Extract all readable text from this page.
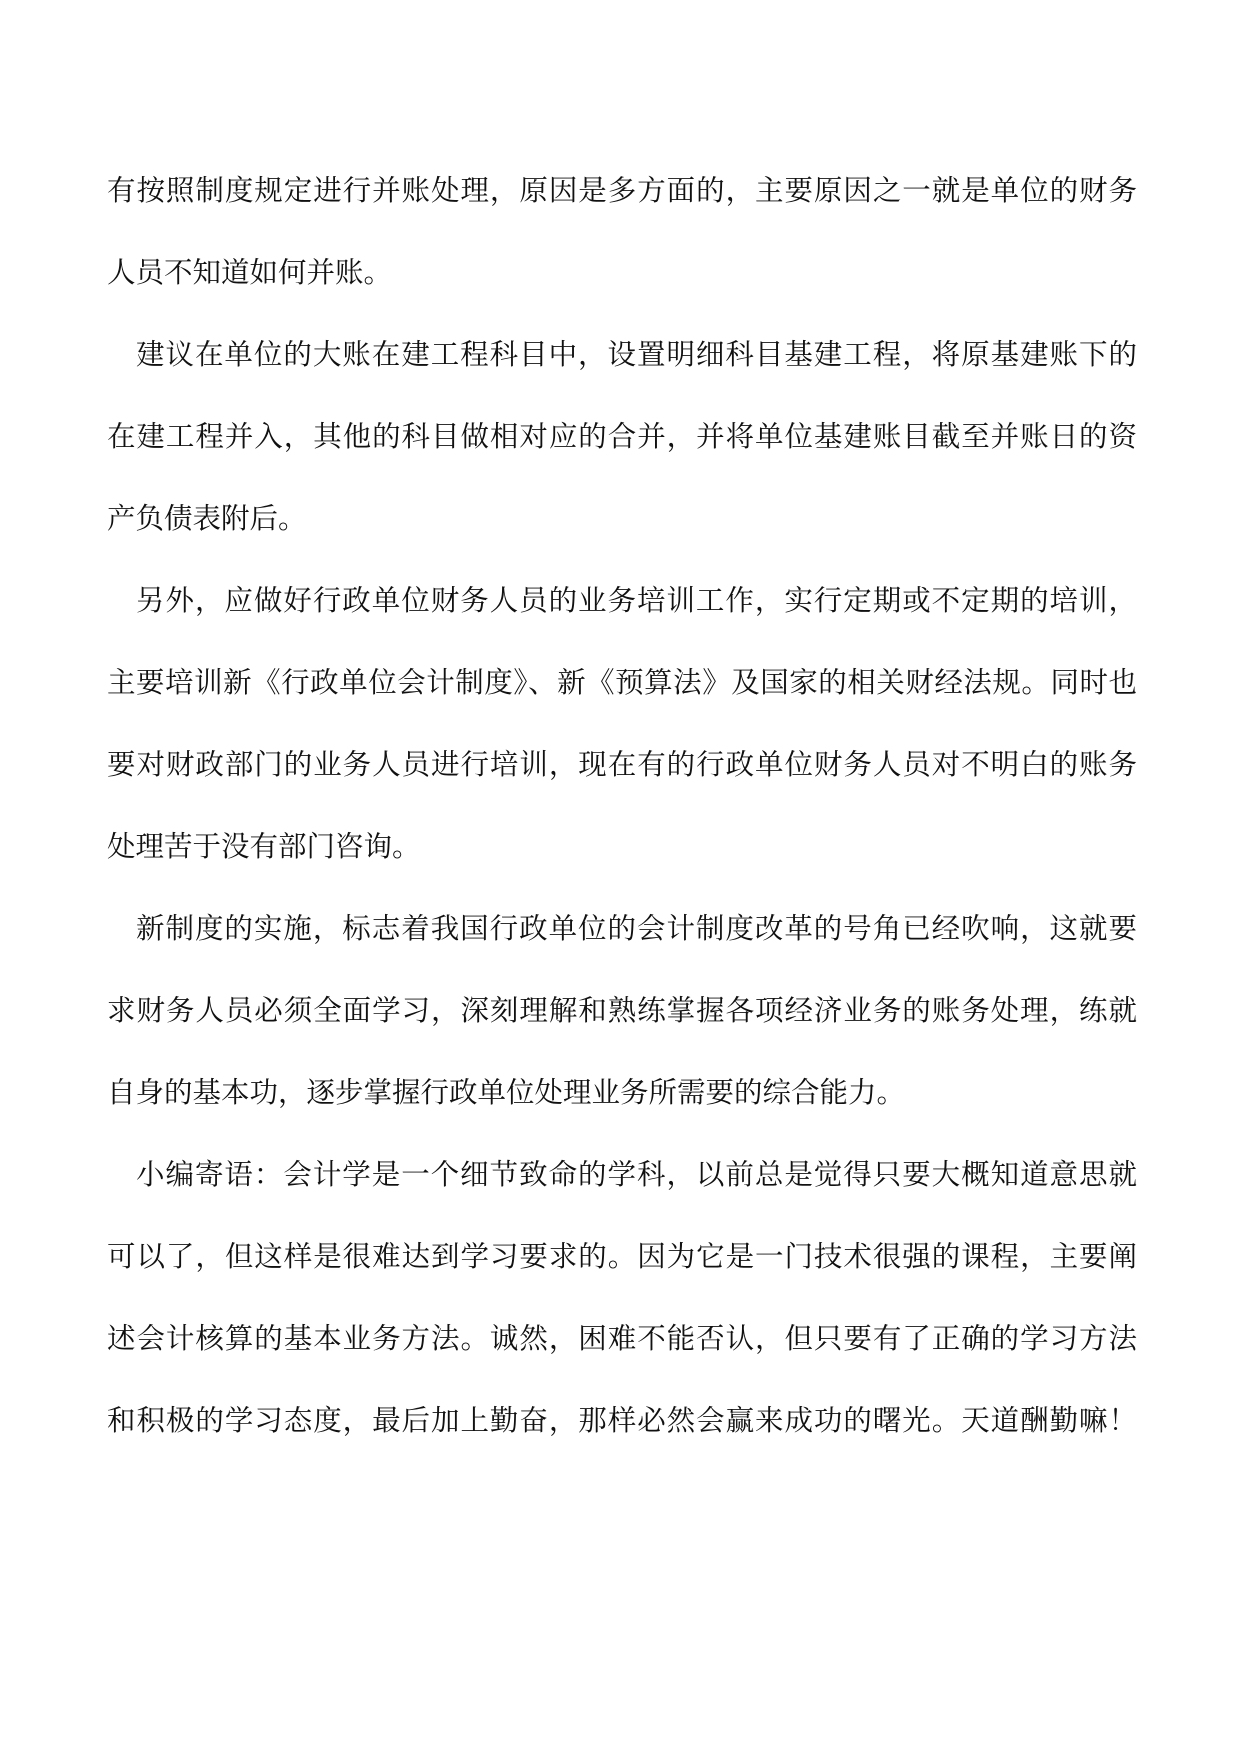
有按照制度规定进行并账处理，原因是多方面的，主要原因之一就是单位的财务
人员不知道如何并账。
建议在单位的大账在建工程科目中，设置明细科目基建工程，将原基建账下的
在建工程并入，其他的科目做相对应的合并，并将单位基建账目截至并账日的资
产负债表附后。
另外，应做好行政单位财务人员的业务培训工作，实行定期或不定期的培训，
主要培训新《行政单位会计制度》、新《预算法》及国家的相关财经法规。同时也
要对财政部门的业务人员进行培训，现在有的行政单位财务人员对不明白的账务
处理苦于没有部门咨询。
新制度的实施，标志着我国行政单位的会计制度改革的号角已经吹响，这就要
求财务人员必须全面学习，深刻理解和熟练掌握各项经济业务的账务处理，练就
自身的基本功，逐步掌握行政单位处理业务所需要的综合能力。
小编寄语：会计学是一个细节致命的学科，以前总是觉得只要大概知道意思就
可以了，但这样是很难达到学习要求的。因为它是一门技术很强的课程，主要阐
述会计核算的基本业务方法。诚然，困难不能否认，但只要有了正确的学习方法
和积极的学习态度，最后加上勤奋，那样必然会赢来成功的曙光。天道酬勤嘛！
